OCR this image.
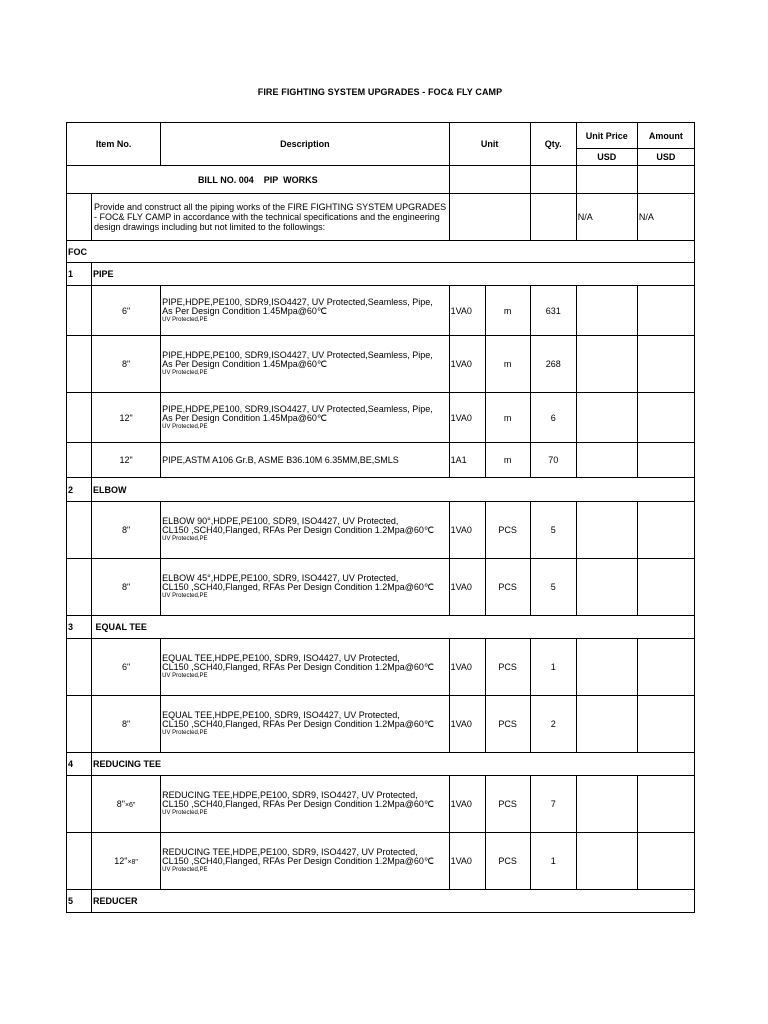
FIRE FIGHTING SYSTEM UPGRADES - FOC& FLY CAMP
Item No.		Description	Unit		Qty.	Unit Price	Amount
						USD	USD
BILL NO. 004    PIP  WORKS							
	Provide and construct all the piping works of the FIRE FIGHTING SYSTEM UPGRADES - FOC& FLY CAMP in accordance with the technical specifications and the engineering design drawings including but not limited to the followings:					N/A	N/A
FOC							
1	PIPE						
	6"	PIPE,HDPE,PE100, SDR9,ISO4427, UV Protected,Seamless, Pipe,
As Per Design Condition 1.45Mpa@60℃
UV Protected,PE	1VA0	m	631		
	8"	PIPE,HDPE,PE100, SDR9,ISO4427, UV Protected,Seamless, Pipe,
As Per Design Condition 1.45Mpa@60℃
UV Protected,PE	1VA0	m	268		
	12"	PIPE,HDPE,PE100, SDR9,ISO4427, UV Protected,Seamless, Pipe,
As Per Design Condition 1.45Mpa@60℃
UV Protected,PE	1VA0	m	6		
	12"	PIPE,ASTM A106 Gr.B, ASME B36.10M 6.35MM,BE,SMLS	1A1	m	70		
2	ELBOW						
	8"	ELBOW 90°,HDPE,PE100, SDR9, ISO4427, UV Protected,
CL150 ,SCH40,Flanged, RFAs Per Design Condition 1.2Mpa@60℃
UV Protected,PE	1VA0	PCS	5		
	8"	ELBOW 45°,HDPE,PE100, SDR9, ISO4427, UV Protected,
CL150 ,SCH40,Flanged, RFAs Per Design Condition 1.2Mpa@60℃
UV Protected,PE	1VA0	PCS	5		
3	EQUAL TEE						
	6"	EQUAL TEE,HDPE,PE100, SDR9, ISO4427, UV Protected,
CL150 ,SCH40,Flanged, RFAs Per Design Condition 1.2Mpa@60℃
UV Protected,PE	1VA0	PCS	1		
	8"	EQUAL TEE,HDPE,PE100, SDR9, ISO4427, UV Protected,
CL150 ,SCH40,Flanged, RFAs Per Design Condition 1.2Mpa@60℃
UV Protected,PE	1VA0	PCS	2		
4	REDUCING TEE						
	8"×6"	REDUCING TEE,HDPE,PE100, SDR9, ISO4427, UV Protected,
CL150 ,SCH40,Flanged, RFAs Per Design Condition 1.2Mpa@60℃
UV Protected,PE	1VA0	PCS	7		
	12"×8"	REDUCING TEE,HDPE,PE100, SDR9, ISO4427, UV Protected,
CL150 ,SCH40,Flanged, RFAs Per Design Condition 1.2Mpa@60℃
UV Protected,PE	1VA0	PCS	1		
5	REDUCER						
